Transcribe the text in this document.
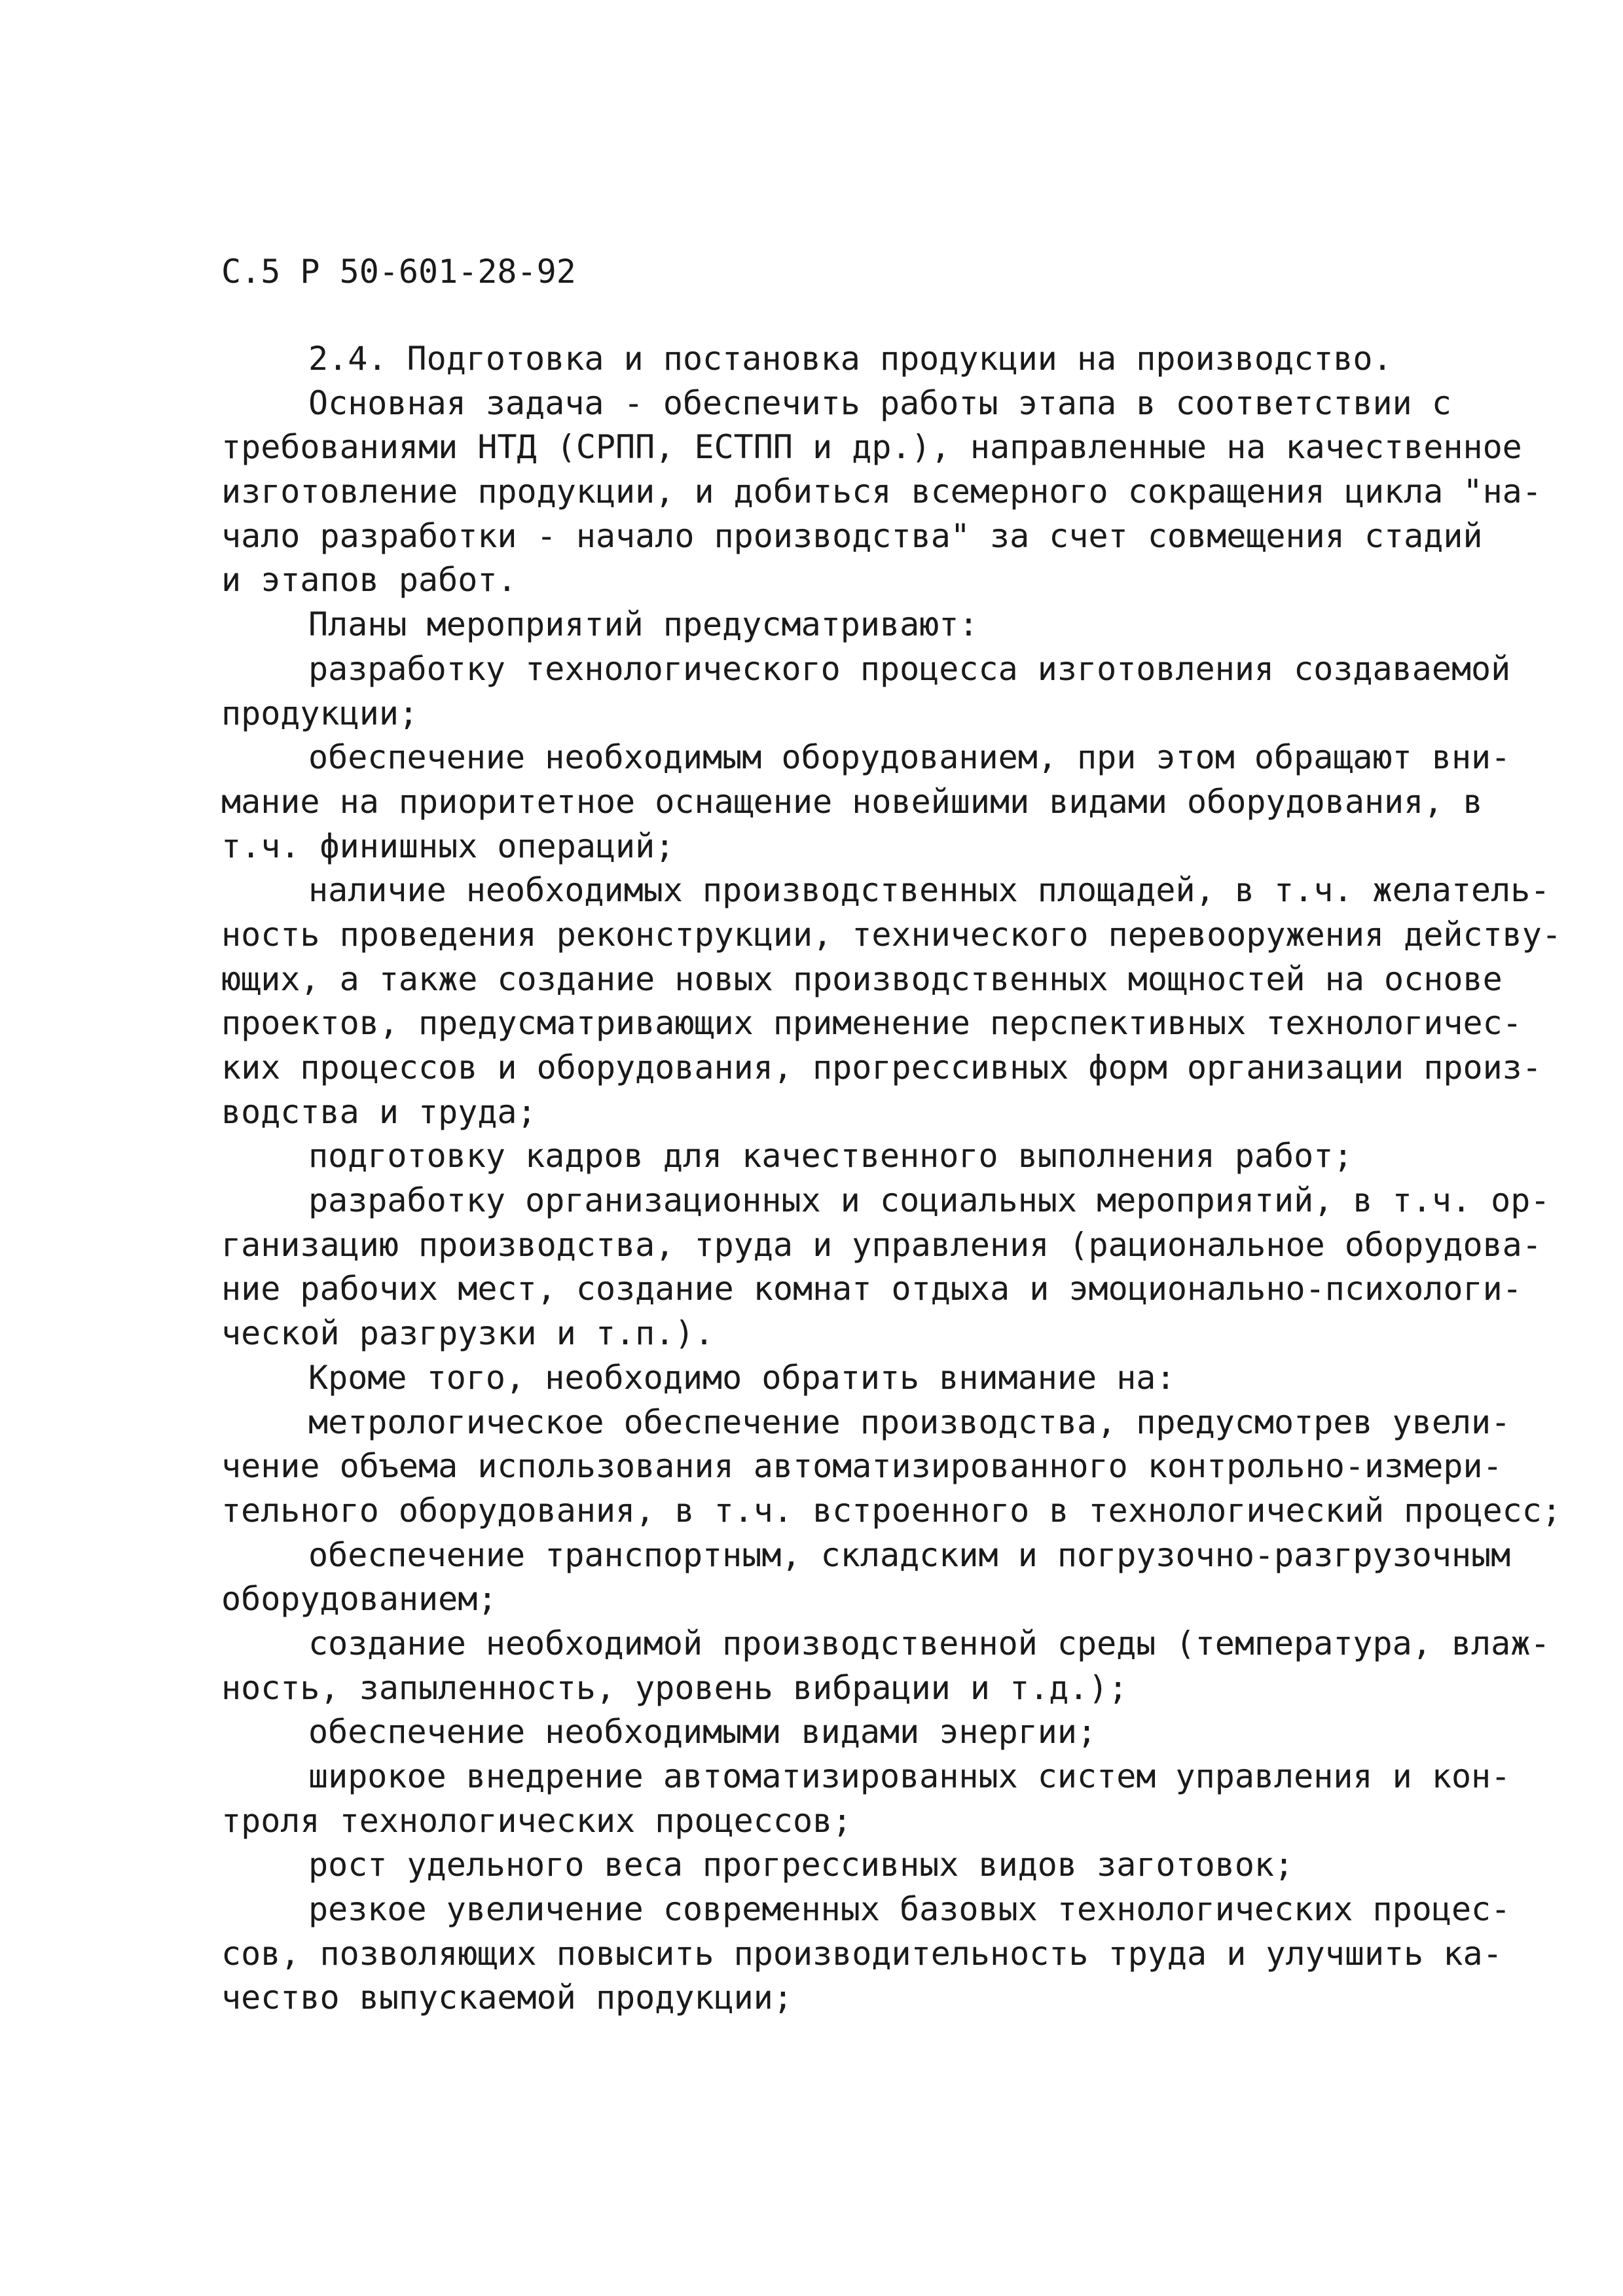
С.5 Р 50-601-28-92
2.4. Подготовка и постановка продукции на производство.
Основная задача - обеспечить работы этапа в соответствии с
требованиями НТД (СРПП, ЕСТПП и др.), направленные на качественное
изготовление продукции, и добиться всемерного сокращения цикла "на-
чало разработки - начало производства" за счет совмещения стадий
и этапов работ.
Планы мероприятий предусматривают:
разработку технологического процесса изготовления создаваемой
продукции;
обеспечение необходимым оборудованием, при этом обращают вни-
мание на приоритетное оснащение новейшими видами оборудования, в
т.ч. финишных операций;
наличие необходимых производственных площадей, в т.ч. желатель-
ность проведения реконструкции, технического перевооружения действу-
ющих, а также создание новых производственных мощностей на основе
проектов, предусматривающих применение перспективных технологичес-
ких процессов и оборудования, прогрессивных форм организации произ-
водства и труда;
подготовку кадров для качественного выполнения работ;
разработку организационных и социальных мероприятий, в т.ч. ор-
ганизацию производства, труда и управления (рациональное оборудова-
ние рабочих мест, создание комнат отдыха и эмоционально-психологи-
ческой разгрузки и т.п.).
Кроме того, необходимо обратить внимание на:
метрологическое обеспечение производства, предусмотрев увели-
чение объема использования автоматизированного контрольно-измери-
тельного оборудования, в т.ч. встроенного в технологический процесс;
обеспечение транспортным, складским и погрузочно-разгрузочным
оборудованием;
создание необходимой производственной среды (температура, влаж-
ность, запыленность, уровень вибрации и т.д.);
обеспечение необходимыми видами энергии;
широкое внедрение автоматизированных систем управления и кон-
троля технологических процессов;
рост удельного веса прогрессивных видов заготовок;
резкое увеличение современных базовых технологических процес-
сов, позволяющих повысить производительность труда и улучшить ка-
чество выпускаемой продукции;
